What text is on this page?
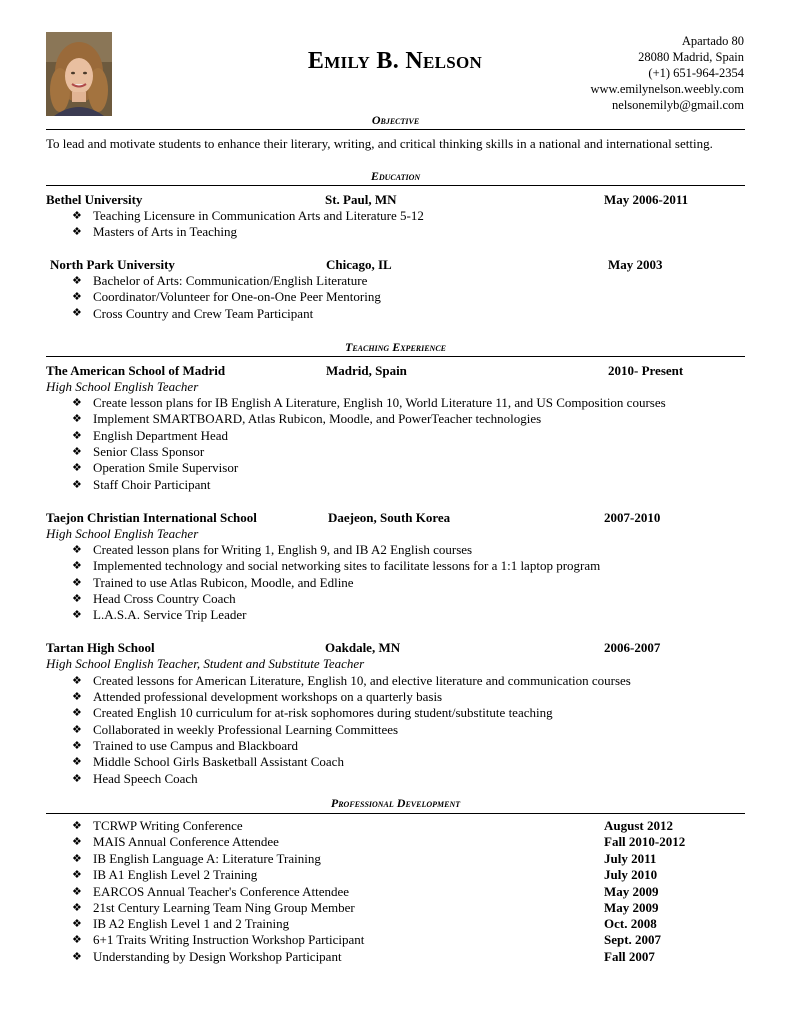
Emily B. Nelson
Apartado 80
28080 Madrid, Spain
(+1) 651-964-2354
www.emilynelson.weebly.com
nelsonemilyb@gmail.com
Objective
To lead and motivate students to enhance their literary, writing, and critical thinking skills in a national and international setting.
Education
Bethel University	St. Paul, MN	May 2006-2011
❖ Teaching Licensure in Communication Arts and Literature 5-12
❖ Masters of Arts in Teaching
North Park University	Chicago, IL	May 2003
❖ Bachelor of Arts: Communication/English Literature
❖ Coordinator/Volunteer for One-on-One Peer Mentoring
❖ Cross Country and Crew Team Participant
Teaching Experience
The American School of Madrid	Madrid, Spain	2010- Present
High School English Teacher
❖ Create lesson plans for IB English A Literature, English 10, World Literature 11, and US Composition courses
❖ Implement SMARTBOARD, Atlas Rubicon, Moodle, and PowerTeacher technologies
❖ English Department Head
❖ Senior Class Sponsor
❖ Operation Smile Supervisor
❖ Staff Choir Participant
Taejon Christian International School	Daejeon, South Korea	2007-2010
High School English Teacher
❖ Created lesson plans for Writing 1, English 9, and IB A2 English courses
❖ Implemented technology and social networking sites to facilitate lessons for a 1:1 laptop program
❖ Trained to use Atlas Rubicon, Moodle, and Edline
❖ Head Cross Country Coach
❖ L.A.S.A. Service Trip Leader
Tartan High School	Oakdale, MN	2006-2007
High School English Teacher, Student and Substitute Teacher
❖ Created lessons for American Literature, English 10, and elective literature and communication courses
❖ Attended professional development workshops on a quarterly basis
❖ Created English 10 curriculum for at-risk sophomores during student/substitute teaching
❖ Collaborated in weekly Professional Learning Committees
❖ Trained to use Campus and Blackboard
❖ Middle School Girls Basketball Assistant Coach
❖ Head Speech Coach
Professional Development
❖ TCRWP Writing Conference	August 2012
❖ MAIS Annual Conference Attendee	Fall 2010-2012
❖ IB English Language A: Literature Training	July 2011
❖ IB A1 English Level 2 Training	July 2010
❖ EARCOS Annual Teacher's Conference Attendee	May 2009
❖ 21st Century Learning Team Ning Group Member	May 2009
❖ IB A2 English Level 1 and 2 Training	Oct. 2008
❖ 6+1 Traits Writing Instruction Workshop Participant	Sept. 2007
❖ Understanding by Design Workshop Participant	Fall 2007
